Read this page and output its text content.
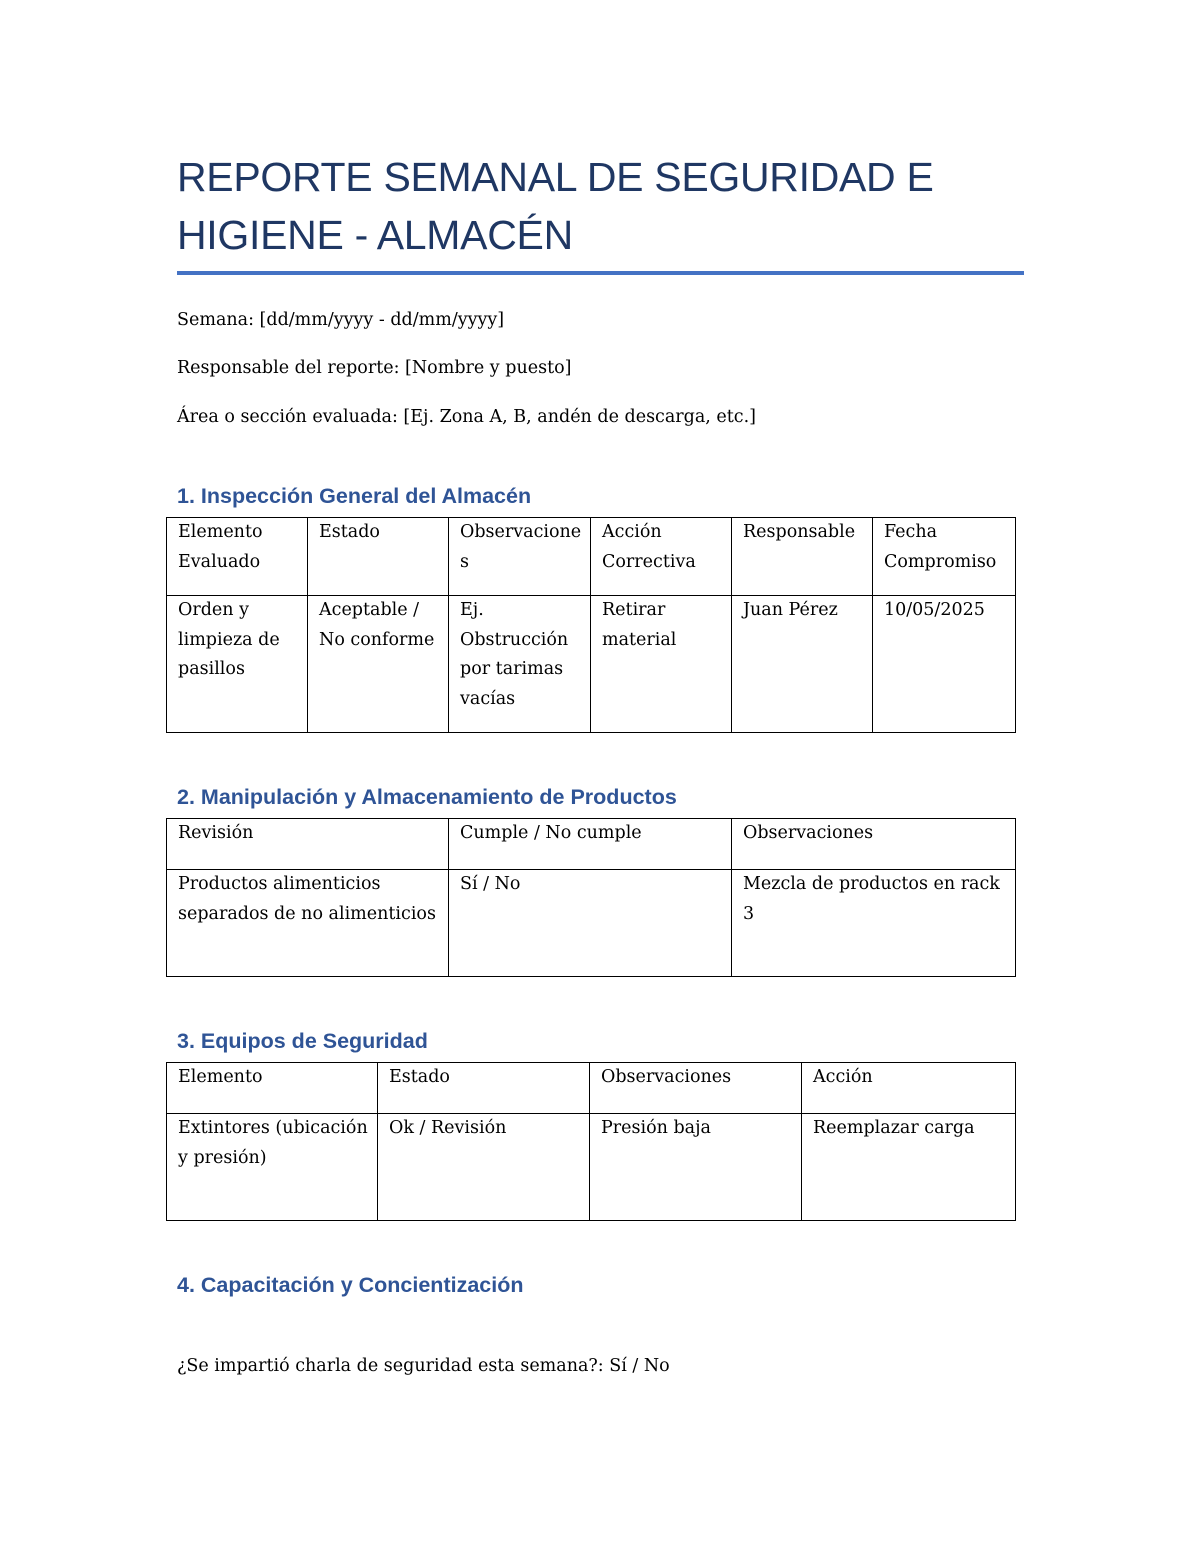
REPORTE SEMANAL DE SEGURIDAD E HIGIENE - ALMACÉN
Semana: [dd/mm/yyyy - dd/mm/yyyy]
Responsable del reporte: [Nombre y puesto]
Área o sección evaluada: [Ej. Zona A, B, andén de descarga, etc.]
1. Inspección General del Almacén
Elemento Evaluado	Estado	Observaciones	Acción Correctiva	Responsable	Fecha Compromiso
Orden y limpieza de pasillos	Aceptable / No conforme	Ej. Obstrucción por tarimas vacías	Retirar material	Juan Pérez	10/05/2025
2. Manipulación y Almacenamiento de Productos
Revisión	Cumple / No cumple	Observaciones
Productos alimenticios separados de no alimenticios	Sí / No	Mezcla de productos en rack 3
3. Equipos de Seguridad
Elemento	Estado	Observaciones	Acción
Extintores (ubicación y presión)	Ok / Revisión	Presión baja	Reemplazar carga
4. Capacitación y Concientización
¿Se impartió charla de seguridad esta semana?: Sí / No
